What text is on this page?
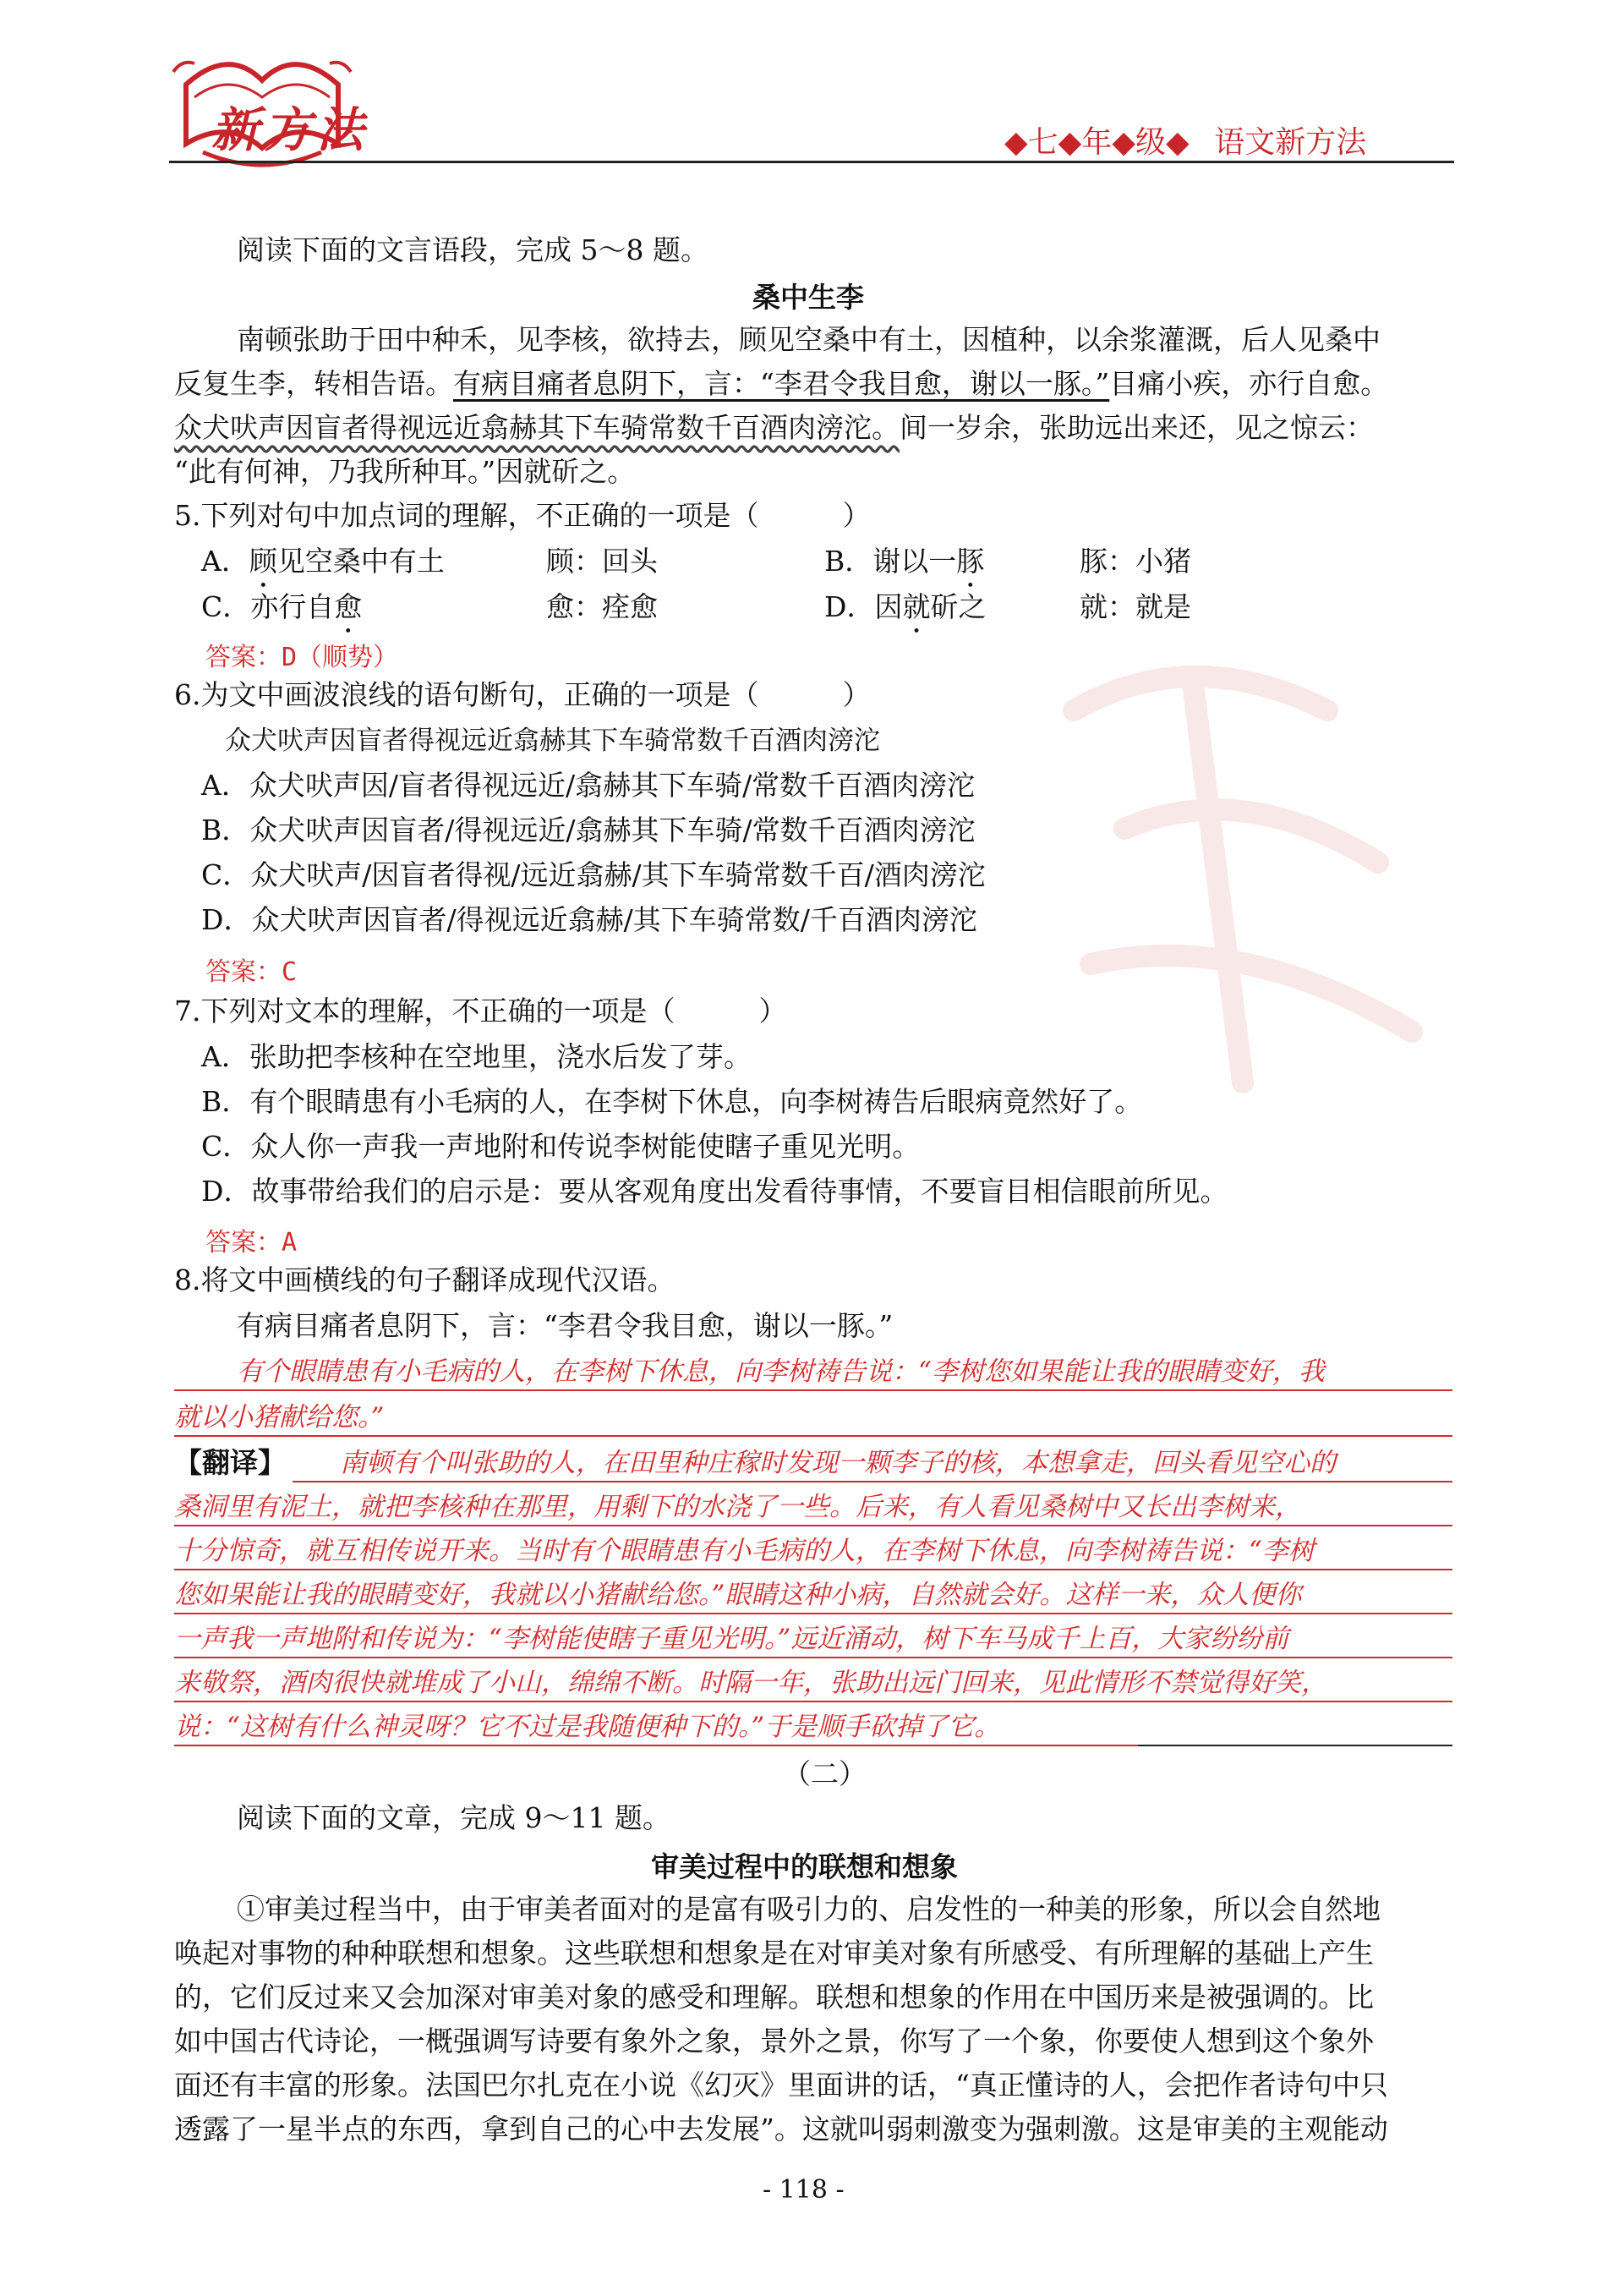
新方法	◆七◆年◆级◆ 语文新方法
阅读下面的文言语段，完成 5～8 题。
桑中生李
南顿张助于田中种禾，见李核，欲持去，顾见空桑中有土，因植种，以余浆灌溉，后人见桑中
反复生李，转相告语。有病目痛者息阴下，言：“李君令我目愈，谢以一豚。”目痛小疾，亦行自愈。
众犬吠声因盲者得视远近翕赫其下车骑常数千百酒肉滂沱。间一岁余，张助远出来还，见之惊云：
“此有何神，乃我所种耳。”因就斫之。
5.下列对句中加点词的理解，不正确的一项是（　　　）
A．顾见空桑中有土	顾：回头	B．谢以一豚	豚：小猪
C．亦行自愈	愈：痊愈	D．因就斫之	就：就是
答案：D（顺势）
6.为文中画波浪线的语句断句，正确的一项是（　　　）
众犬吠声因盲者得视远近翕赫其下车骑常数千百酒肉滂沱
A．众犬吠声因/盲者得视远近/翕赫其下车骑/常数千百酒肉滂沱
B．众犬吠声因盲者/得视远近/翕赫其下车骑/常数千百酒肉滂沱
C．众犬吠声/因盲者得视/远近翕赫/其下车骑常数千百/酒肉滂沱
D．众犬吠声因盲者/得视远近翕赫/其下车骑常数/千百酒肉滂沱
答案：C
7.下列对文本的理解，不正确的一项是（　　　）
A．张助把李核种在空地里，浇水后发了芽。
B．有个眼睛患有小毛病的人，在李树下休息，向李树祷告后眼病竟然好了。
C．众人你一声我一声地附和传说李树能使瞎子重见光明。
D．故事带给我们的启示是：要从客观角度出发看待事情，不要盲目相信眼前所见。
答案：A
8.将文中画横线的句子翻译成现代汉语。
有病目痛者息阴下，言：“李君令我目愈，谢以一豚。”
有个眼睛患有小毛病的人，在李树下休息，向李树祷告说：“李树您如果能让我的眼睛变好，我
就以小猪献给您。”
【翻译】 南顿有个叫张助的人，在田里种庄稼时发现一颗李子的核，本想拿走，回头看见空心的
桑洞里有泥土，就把李核种在那里，用剩下的水浇了一些。后来，有人看见桑树中又长出李树来，
十分惊奇，就互相传说开来。当时有个眼睛患有小毛病的人，在李树下休息，向李树祷告说：“李树
您如果能让我的眼睛变好，我就以小猪献给您。”眼睛这种小病，自然就会好。这样一来，众人便你
一声我一声地附和传说为：“李树能使瞎子重见光明。”远近涌动，树下车马成千上百，大家纷纷前
来敬祭，酒肉很快就堆成了小山，绵绵不断。时隔一年，张助出远门回来，见此情形不禁觉得好笑，
说：“这树有什么神灵呀？它不过是我随便种下的。”于是顺手砍掉了它。
（二）
阅读下面的文章，完成 9～11 题。
审美过程中的联想和想象
①审美过程当中，由于审美者面对的是富有吸引力的、启发性的一种美的形象，所以会自然地
唤起对事物的种种联想和想象。这些联想和想象是在对审美对象有所感受、有所理解的基础上产生
的，它们反过来又会加深对审美对象的感受和理解。联想和想象的作用在中国历来是被强调的。比
如中国古代诗论，一概强调写诗要有象外之象，景外之景，你写了一个象，你要使人想到这个象外
面还有丰富的形象。法国巴尔扎克在小说《幻灭》里面讲的话，“真正懂诗的人，会把作者诗句中只
透露了一星半点的东西，拿到自己的心中去发展”。这就叫弱刺激变为强刺激。这是审美的主观能动
- 118 -
